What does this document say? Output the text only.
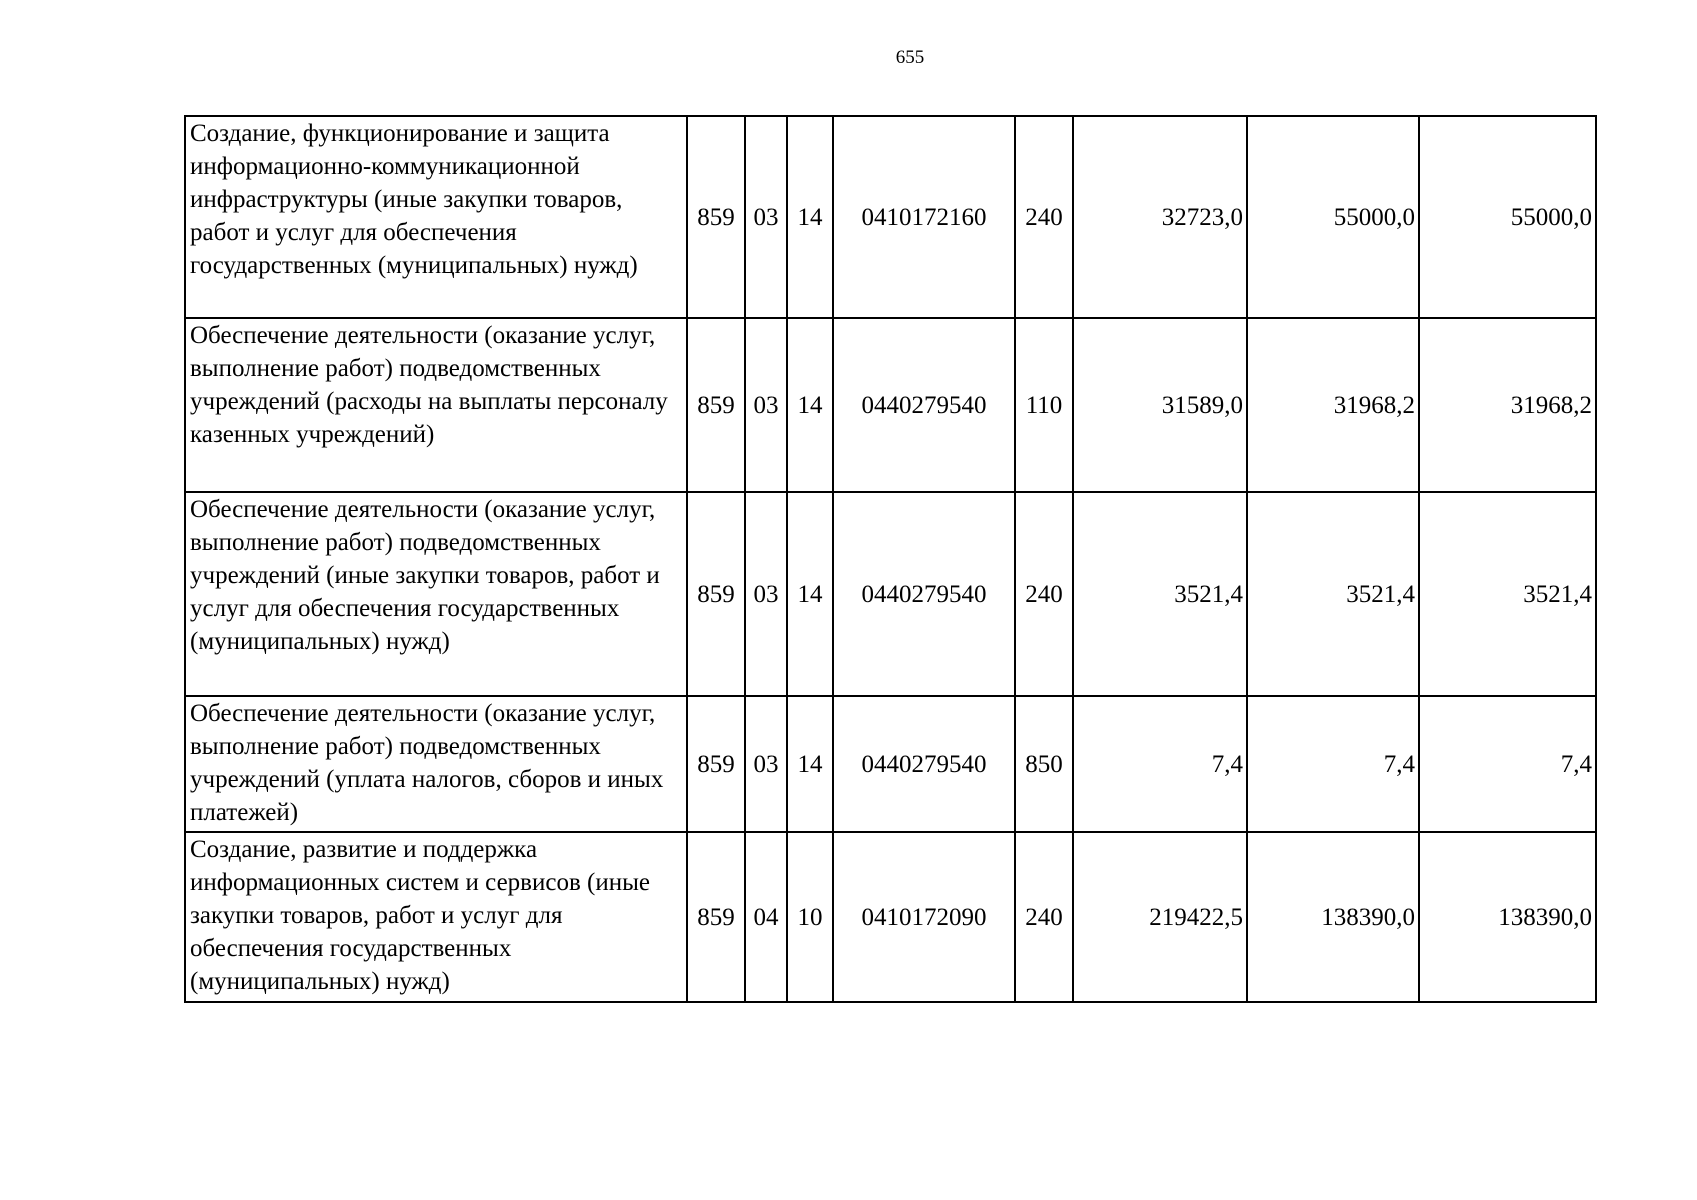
655
Создание, функционирование и защита информационно-коммуникационной инфраструктуры (иные закупки товаров, работ и услуг для обеспечения государственных (муниципальных) нужд)	859	03	14	0410172160	240	32723,0	55000,0	55000,0
Обеспечение деятельности (оказание услуг, выполнение работ) подведомственных учреждений (расходы на выплаты персоналу казенных учреждений)	859	03	14	0440279540	110	31589,0	31968,2	31968,2
Обеспечение деятельности (оказание услуг, выполнение работ) подведомственных учреждений (иные закупки товаров, работ и услуг для обеспечения государственных (муниципальных) нужд)	859	03	14	0440279540	240	3521,4	3521,4	3521,4
Обеспечение деятельности (оказание услуг, выполнение работ) подведомственных учреждений (уплата налогов, сборов и иных платежей)	859	03	14	0440279540	850	7,4	7,4	7,4
Создание, развитие и поддержка информационных систем и сервисов (иные закупки товаров, работ и услуг для обеспечения государственных (муниципальных) нужд)	859	04	10	0410172090	240	219422,5	138390,0	138390,0
